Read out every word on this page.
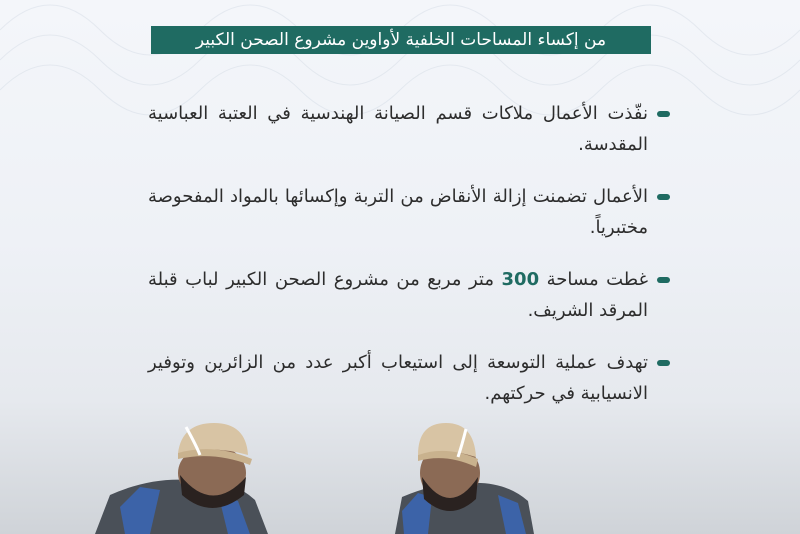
من إكساء المساحات الخلفية لأواوين مشروع الصحن الكبير
نفّذت الأعمال ملاكات قسم الصيانة الهندسية في العتبة العباسية المقدسة.
الأعمال تضمنت إزالة الأنقاض من التربة وإكسائها بالمواد المفحوصة مختبرياً.
غطت مساحة 300 متر مربع من مشروع الصحن الكبير لباب قبلة المرقد الشريف.
تهدف عملية التوسعة إلى استيعاب أكبر عدد من الزائرين وتوفير الانسيابية في حركتهم.
